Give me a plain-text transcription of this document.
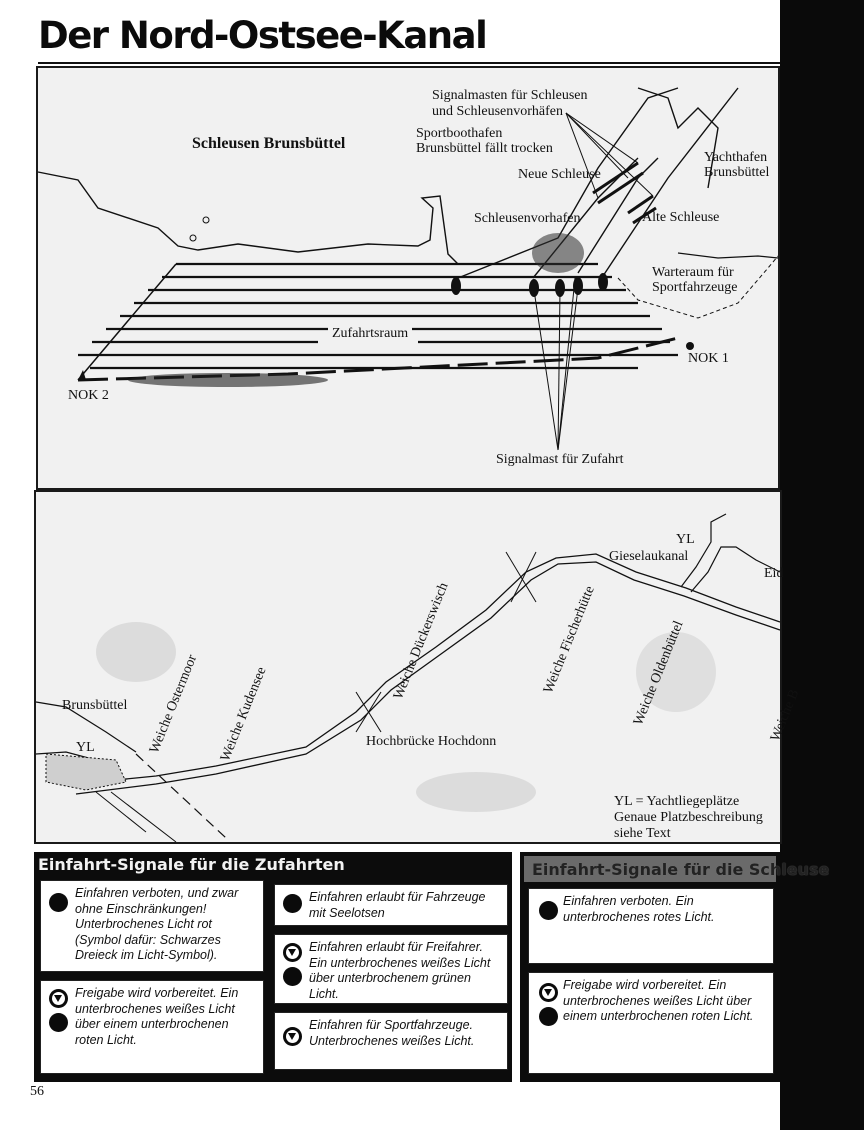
Der Nord-Ostsee-Kanal
Schleusen Brunsbüttel
Signalmasten für Schleusen
und Schleusenvorhäfen
Sportboothafen
Brunsbüttel fällt trocken
Neue Schleuse
Yachthafen
Brunsbüttel
Schleusenvorhafen	Alte Schleuse
Warteraum für
Sportfahrzeuge
Zufahrtsraum
NOK 1
NOK 2
Signalmast für Zufahrt
YL
Gieselaukanal
Eid
Weiche Dückerswisch	Weiche Fischerhütte Weiche Oldenbüttel	Weiche B
Weiche Ostermoor Weiche Kudensee
Brunsbüttel
YL	Hochbrücke Hochdonn
YL = Yachtliegeplätze
Genaue Platzbeschreibung
siehe Text
Einfahrt-Signale für die Zufahrten
Einfahren verboten, und zwar ohne Einschränkungen! Unterbrochenes Licht rot (Symbol dafür: Schwarzes Dreieck im Licht-Symbol).
Freigabe wird vorbereitet. Ein unterbrochenes weißes Licht über einem unterbrochenen roten Licht.
Einfahren erlaubt für Fahrzeuge mit Seelotsen
Einfahren erlaubt für Freifahrer. Ein unterbrochenes weißes Licht über unterbrochenem grünen Licht.
Einfahren für Sportfahrzeuge. Unterbrochenes weißes Licht.
Einfahrt-Signale für die Schleuse
Einfahren verboten. Ein unterbrochenes rotes Licht.
Freigabe wird vorbereitet. Ein unterbrochenes weißes Licht über einem unterbrochenen roten Licht.
56
